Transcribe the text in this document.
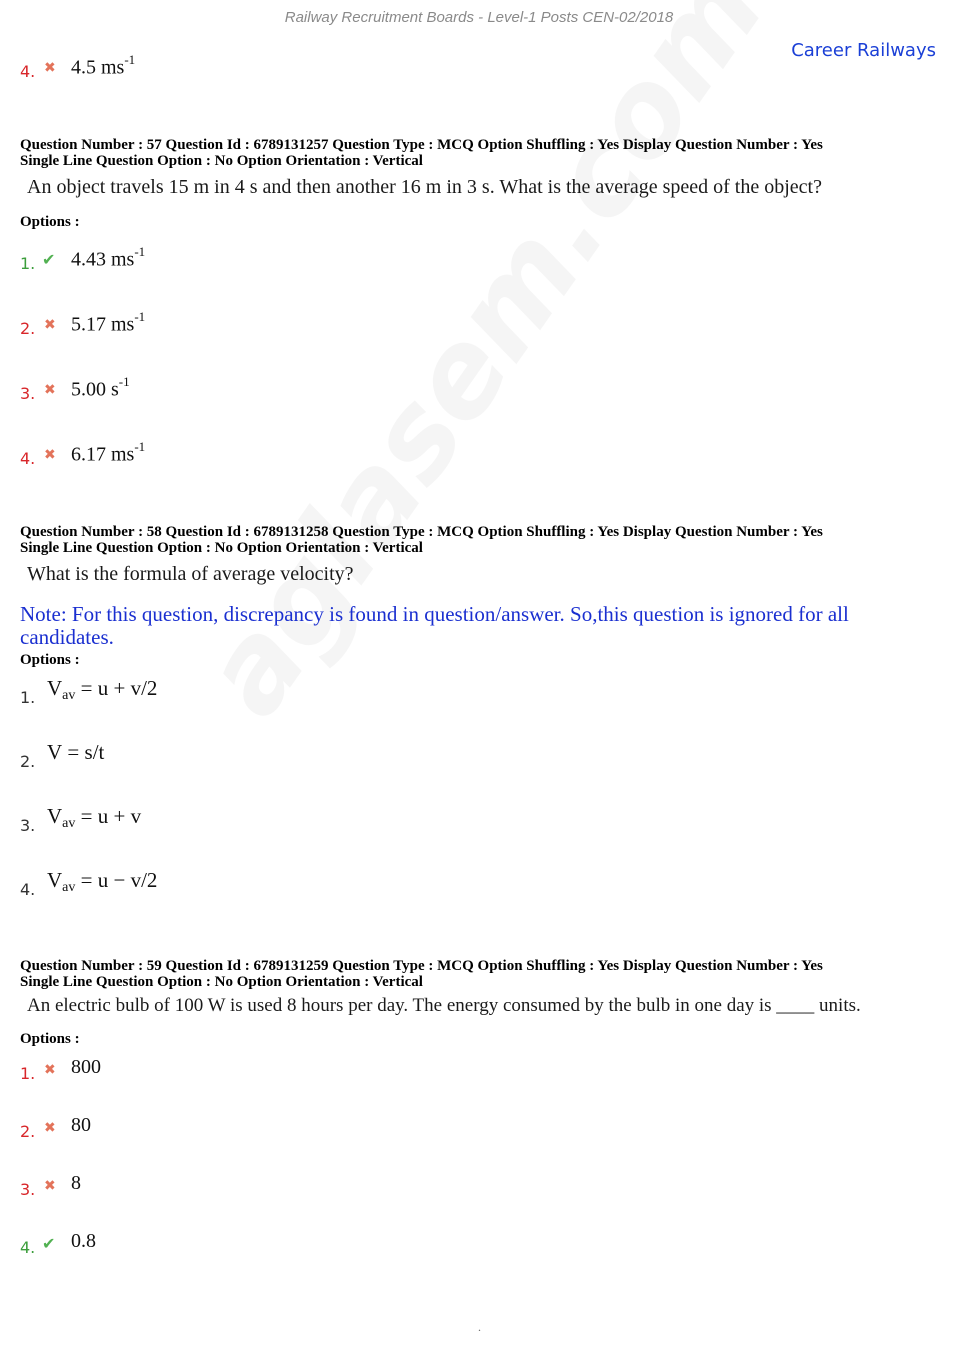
Railway Recruitment Boards - Level-1 Posts CEN-02/2018
Career Railways
4. ✖ 4.5 $ms^{-1}$
Question Number : 57 Question Id : 6789131257 Question Type : MCQ Option Shuffling : Yes Display Question Number : Yes
Single Line Question Option : No Option Orientation : Vertical
An object travels 15 m in 4 s and then another 16 m in 3 s. What is the average speed of the object?
Options :
1. ✔ 4.43 $ms^{-1}$
2. ✖ 5.17 $ms^{-1}$
3. ✖ 5.00 $s^{-1}$
4. ✖ 6.17 $ms^{-1}$
Question Number : 58 Question Id : 6789131258 Question Type : MCQ Option Shuffling : Yes Display Question Number : Yes
Single Line Question Option : No Option Orientation : Vertical
What is the formula of average velocity?
Note: For this question, discrepancy is found in question/answer. So,this question is ignored for all candidates.
Options :
1. $V_{av} = u + v/2$
2. V = s/t
3. $V_{av} = u + v$
4. $V_{av} = u - v/2$
Question Number : 59 Question Id : 6789131259 Question Type : MCQ Option Shuffling : Yes Display Question Number : Yes
Single Line Question Option : No Option Orientation : Vertical
An electric bulb of 100 W is used 8 hours per day. The energy consumed by the bulb in one day is ____ units.
Options :
1. ✖ 800
2. ✖ 80
3. ✖ 8
4. ✔ 0.8
.
